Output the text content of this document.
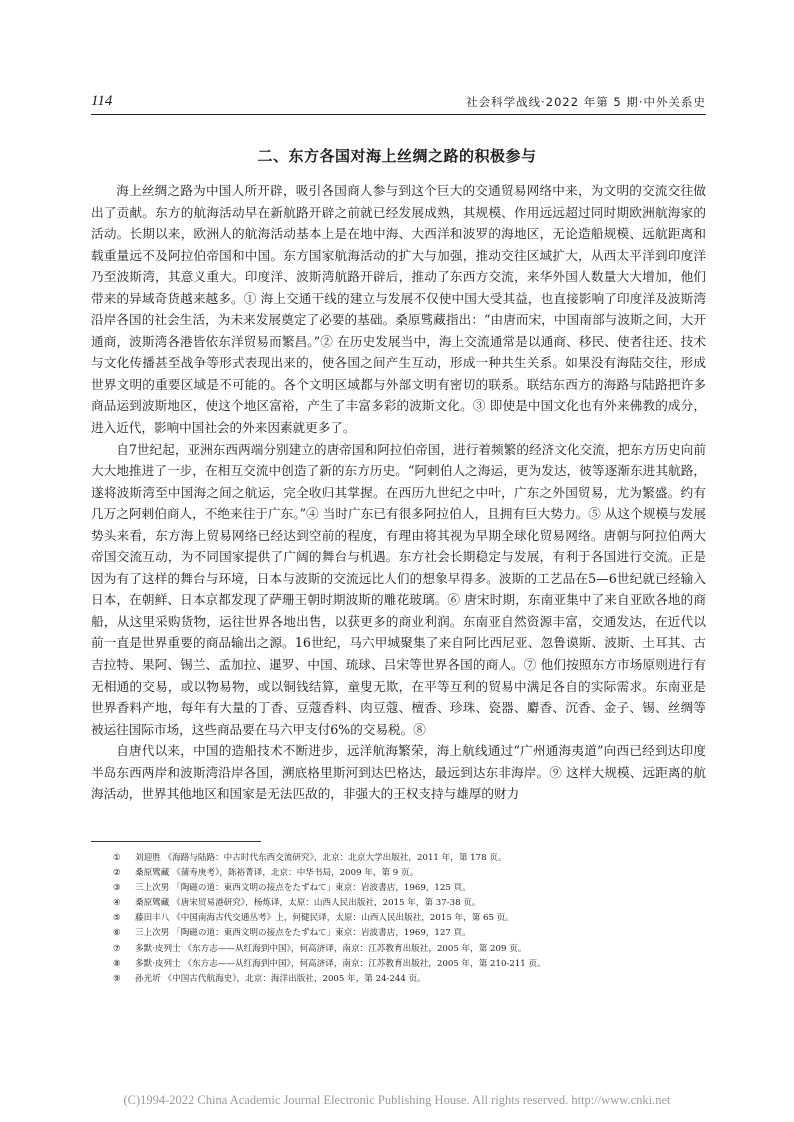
114	社会科学战线·2022 年第 5 期·中外关系史
二、东方各国对海上丝绸之路的积极参与

海上丝绸之路为中国人所开辟，吸引各国商人参与到这个巨大的交通贸易网络中来，为文明的交流交往做出了贡献。东方的航海活动早在新航路开辟之前就已经发展成熟，其规模、作用远远超过同时期欧洲航海家的活动。长期以来，欧洲人的航海活动基本上是在地中海、大西洋和波罗的海地区，无论造船规模、远航距离和载重量远不及阿拉伯帝国和中国。东方国家航海活动的扩大与加强，推动交往区域扩大，从西太平洋到印度洋乃至波斯湾，其意义重大。印度洋、波斯湾航路开辟后，推动了东西方交流，来华外国人数量大大增加，他们带来的异域奇货越来越多。① 海上交通干线的建立与发展不仅使中国大受其益，也直接影响了印度洋及波斯湾沿岸各国的社会生活，为未来发展奠定了必要的基础。桑原骘藏指出：“由唐而宋，中国南部与波斯之间，大开通商，波斯湾各港皆依东洋贸易而繁昌。”② 在历史发展当中，海上交流通常是以通商、移民、使者往还、技术与文化传播甚至战争等形式表现出来的，使各国之间产生互动，形成一种共生关系。如果没有海陆交往，形成世界文明的重要区域是不可能的。各个文明区域都与外部文明有密切的联系。联结东西方的海路与陆路把许多商品运到波斯地区，使这个地区富裕，产生了丰富多彩的波斯文化。③ 即使是中国文化也有外来佛教的成分，进入近代，影响中国社会的外来因素就更多了。

自7世纪起，亚洲东西两端分别建立的唐帝国和阿拉伯帝国，进行着频繁的经济文化交流，把东方历史向前大大地推进了一步，在相互交流中创造了新的东方历史。“阿剌伯人之海运，更为发达，彼等逐渐东进其航路，遂将波斯湾至中国海之间之航运，完全收归其掌握。在西历九世纪之中叶，广东之外国贸易，尤为繁盛。约有几万之阿剌伯商人，不绝来往于广东。”④ 当时广东已有很多阿拉伯人，且拥有巨大势力。⑤ 从这个规模与发展势头来看，东方海上贸易网络已经达到空前的程度，有理由将其视为早期全球化贸易网络。唐朝与阿拉伯两大帝国交流互动，为不同国家提供了广阔的舞台与机遇。东方社会长期稳定与发展，有利于各国进行交流。正是因为有了这样的舞台与环境，日本与波斯的交流远比人们的想象早得多。波斯的工艺品在5—6世纪就已经输入日本，在朝鲜、日本京都发现了萨珊王朝时期波斯的雕花玻璃。⑥ 唐宋时期，东南亚集中了来自亚欧各地的商船，从这里采购货物，运往世界各地出售，以获更多的商业利润。东南亚自然资源丰富，交通发达，在近代以前一直是世界重要的商品输出之源。16世纪，马六甲城聚集了来自阿比西尼亚、忽鲁谟斯、波斯、土耳其、古吉拉特、果阿、锡兰、孟加拉、暹罗、中国、琉球、吕宋等世界各国的商人。⑦ 他们按照东方市场原则进行有无相通的交易，或以物易物，或以铜钱结算，童叟无欺，在平等互利的贸易中满足各自的实际需求。东南亚是世界香料产地，每年有大量的丁香、豆蔻香料、肉豆蔻、檀香、珍珠、瓷器、麝香、沉香、金子、锡、丝绸等被运往国际市场，这些商品要在马六甲支付6%的交易税。⑧

自唐代以来，中国的造船技术不断进步，远洋航海繁荣，海上航线通过“广州通海夷道”向西已经到达印度半岛东西两岸和波斯湾沿岸各国，溯底格里斯河到达巴格达，最远到达东非海岸。⑨ 这样大规模、远距离的航海活动，世界其他地区和国家是无法匹敌的，非强大的王权支持与雄厚的财力

①	刘迎胜 《海路与陆路：中古时代东西交流研究》，北京：北京大学出版社，2011 年，第 178 页。
②	桑原骘藏 《蒲寿庚考》，陈裕菁译，北京：中华书局，2009 年，第 9 页。
③	三上次男 「陶磁の道：東西文明の接点をたずねて」東京：岩波書店，1969，125 頁。
④	桑原骘藏 《唐宋贸易港研究》，杨炼译，太原：山西人民出版社，2015 年，第 37-38 页。
⑤	藤田丰八 《中国南海古代交通丛考》上，何健民译，太原：山西人民出版社，2015 年，第 65 页。
⑥	三上次男 「陶磁の道：東西文明の接点をたずねて」東京：岩波書店，1969，127 頁。
⑦	多默·皮列士 《东方志——从红海到中国》，何高济译，南京：江苏教育出版社，2005 年，第 209 页。
⑧	多默·皮列士 《东方志——从红海到中国》，何高济译，南京：江苏教育出版社，2005 年，第 210-211 页。
⑨	孙光圻 《中国古代航海史》，北京：海洋出版社，2005 年，第 24-244 页。
(C)1994-2022 China Academic Journal Electronic Publishing House. All rights reserved. http://www.cnki.net
